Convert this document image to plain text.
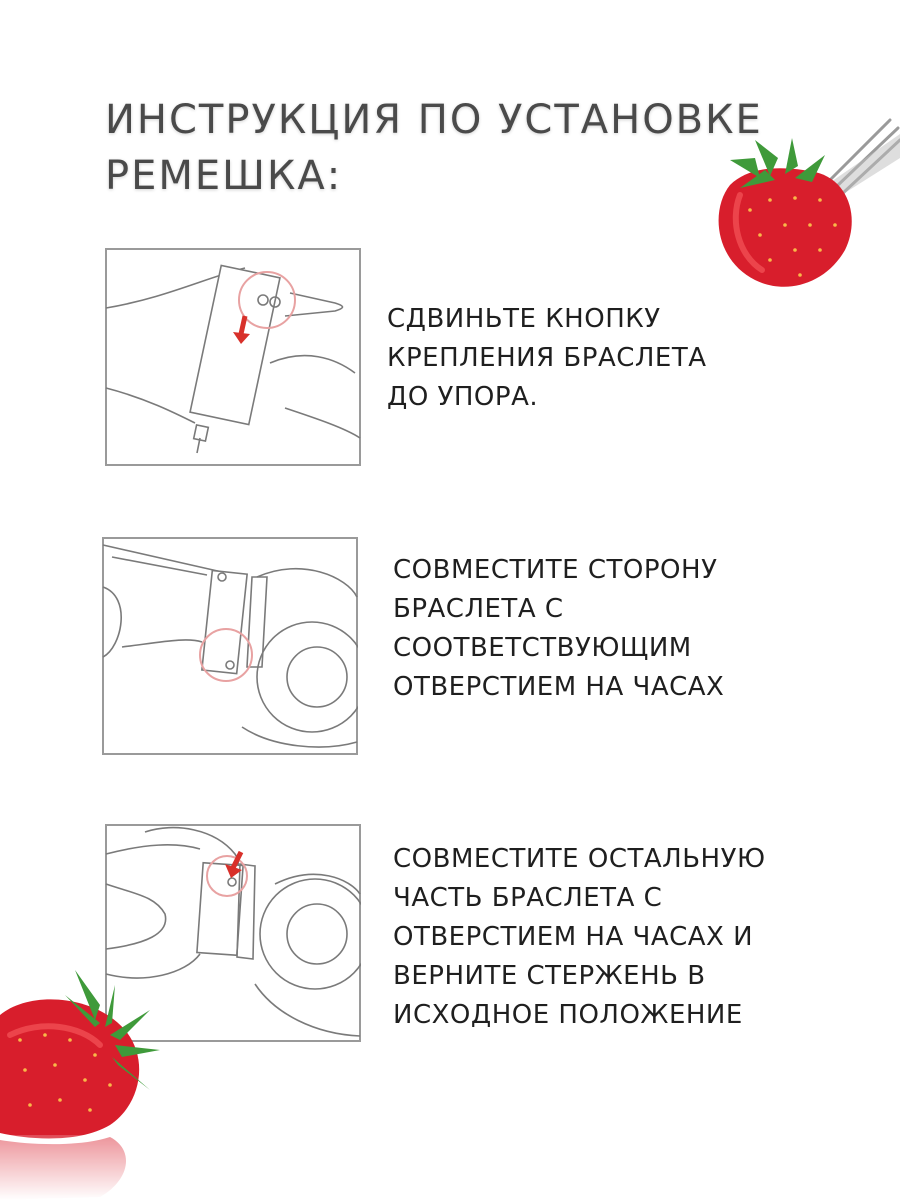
ИНСТРУКЦИЯ ПО УСТАНОВКЕ
РЕМЕШКА:
СДВИНЬТЕ КНОПКУ
КРЕПЛЕНИЯ БРАСЛЕТА
ДО УПОРА.
СОВМЕСТИТЕ СТОРОНУ
БРАСЛЕТА С
СООТВЕТСТВУЮЩИМ
ОТВЕРСТИЕМ НА ЧАСАХ
СОВМЕСТИТЕ ОСТАЛЬНУЮ
ЧАСТЬ БРАСЛЕТА С
ОТВЕРСТИЕМ НА ЧАСАХ И
ВЕРНИТЕ СТЕРЖЕНЬ В
ИСХОДНОЕ ПОЛОЖЕНИЕ
